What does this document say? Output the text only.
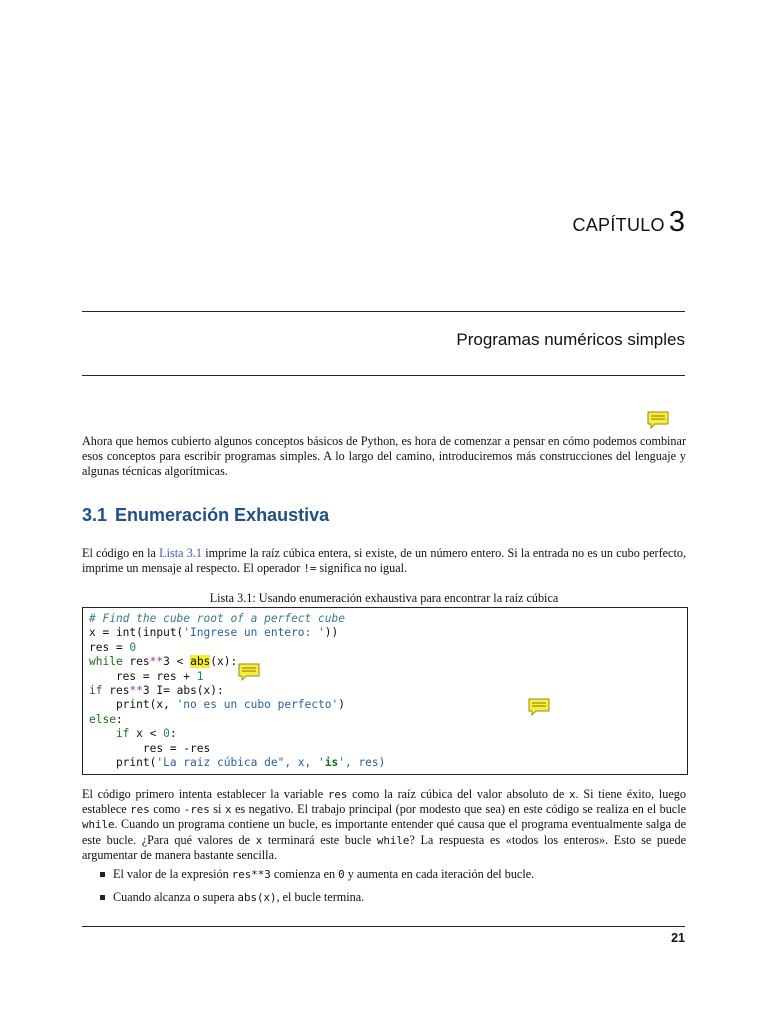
CAPÍTULO 3
Programas numéricos simples

Ahora que hemos cubierto algunos conceptos básicos de Python, es hora de comenzar a pensar en cómo podemos combinar esos conceptos para escribir programas simples. A lo largo del camino, introduciremos más construcciones del lenguaje y algunas técnicas algorítmicas.

3.1 Enumeración Exhaustiva

El código en la Lista 3.1 imprime la raíz cúbica entera, si existe, de un número entero. Si la entrada no es un cubo perfecto, imprime un mensaje al respecto. El operador != significa no igual.

Lista 3.1: Usando enumeración exhaustiva para encontrar la raíz cúbica
# Find the cube root of a perfect cube
x = int(input('Ingrese un entero: '))
res = 0
while res**3 < abs(x):
res = res + 1
if res**3 I= abs(x):
print(x, 'no es un cubo perfecto')
else:
if x < 0:
res = -res
print('La raiz cúbica de", x, 'is', res)

El código primero intenta establecer la variable res como la raíz cúbica del valor absoluto de x. Si tiene éxito, luego establece res como -res si x es negativo. El trabajo principal (por modesto que sea) en este código se realiza en el bucle while. Cuando un programa contiene un bucle, es importante entender qué causa que el programa eventualmente salga de este bucle. ¿Para qué valores de x terminará este bucle while? La respuesta es «todos los enteros». Esto se puede argumentar de manera bastante sencilla.

El valor de la expresión res**3 comienza en 0 y aumenta en cada iteración del bucle.
Cuando alcanza o supera abs(x), el bucle termina.
21
